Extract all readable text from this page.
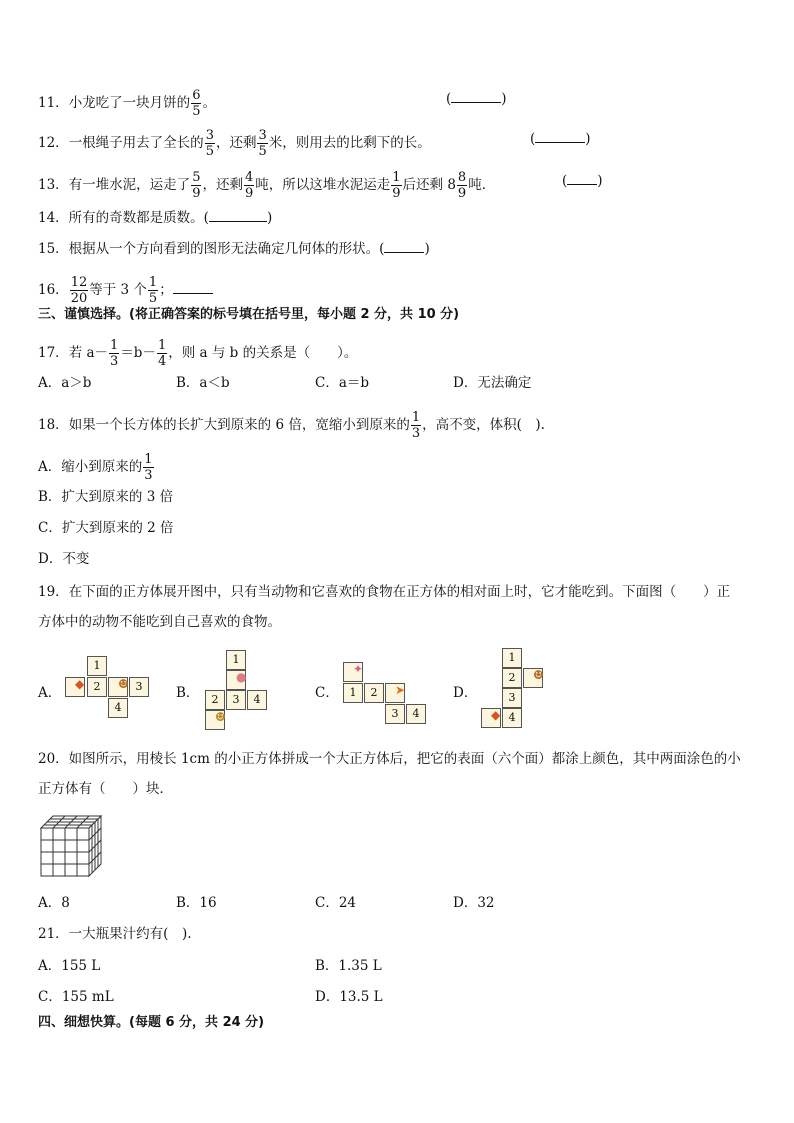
11．小龙吃了一块月饼的 $\frac{6}{5}$ 。	(	)
12．一根绳子用去了全长的 $\frac{3}{5}$ ，还剩 $\frac{3}{5}$ 米，则用去的比剩下的长。	(	)
13．有一堆水泥，运走了 $\frac{5}{9}$ ，还剩 $\frac{4}{9}$ 吨，所以这堆水泥运走 $\frac{1}{9}$ 后还剩 $8 \frac{8}{9}$ 吨．	( )
14．所有的奇数都是质数。(	)
15．根据从一个方向看到的图形无法确定几何体的形状。(	)
16． $\frac{12}{20}$ 等于 3 个 $\frac{1}{5}$ ；
三、谨慎选择。(将正确答案的标号填在括号里，每小题 2 分，共 10 分)
17．若 $a- \frac{1}{3} =b- \frac{1}{4}$ ，则 a 与 b 的关系是（　　）。
A．a＞b	B．a＜b	C．a＝b	D．无法确定
18．如果一个长方体的长扩大到原来的 6 倍，宽缩小到原来的 $\frac{1}{3}$ ，高不变，体积(　).
A．缩小到原来的 $\frac{1}{3}$
B．扩大到原来的 3 倍
C．扩大到原来的 2 倍
D．不变
19．在下面的正方体展开图中，只有当动物和它喜欢的食物在正方体的相对面上时，它才能吃到。下面图（　　）正
方体中的动物不能吃到自己喜欢的食物。
A．
1
◆ 2	☻ 3
4
B．
1
●
2	3	4
☻
C．
✦
1	2	➤
3	4
D．
1
2	☻
3
◆ 4
20．如图所示，用棱长 1cm 的小正方体拼成一个大正方体后，把它的表面（六个面）都涂上颜色，其中两面涂色的小
正方体有（　　）块．
A．8	B．16	C．24	D．32
21．一大瓶果汁约有(　).
A．155 L	B．1.35 L
C．155 mL	D．13.5 L
四、细想快算。(每题 6 分，共 24 分)
